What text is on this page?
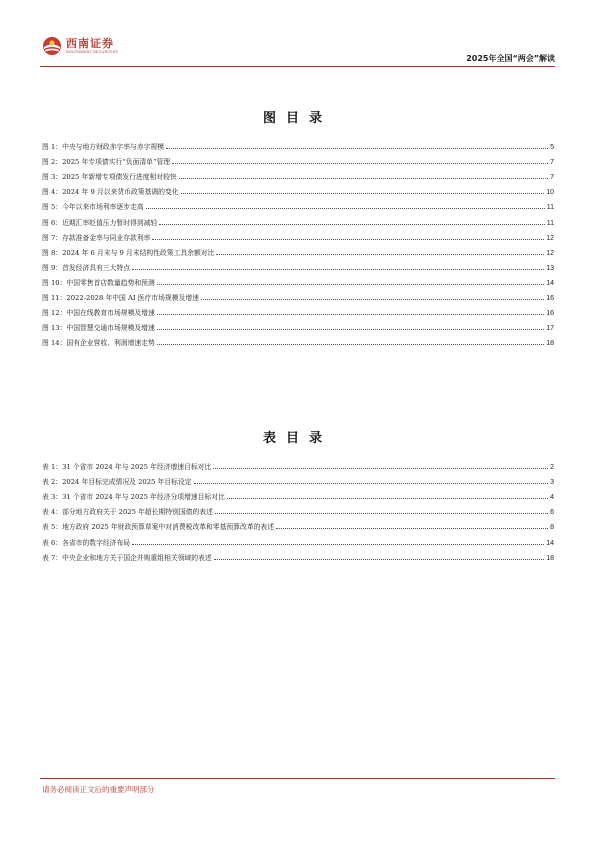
西南证券
SOUTHWEST SECURITIES
2025年全国“两会”解读
图目录
图 1：中央与地方财政赤字率与赤字规模	5
图 2：2025 年专项债实行“负面清单”管理	7
图 3：2025 年新增专项债发行进度相对较快	7
图 4：2024 年 9 月以来货币政策基调的变化	10
图 5：今年以来市场利率逐步走高	11
图 6：近期汇率贬值压力暂时得到减轻	11
图 7：存款准备金率与同业存款利率	12
图 8：2024 年 6 月末与 9 月末结构性政策工具余额对比	12
图 9：首发经济具有三大特点	13
图 10：中国零售首店数量趋势和预测	14
图 11：2022-2028 年中国 AI 医疗市场规模及增速	16
图 12：中国在线教育市场规模及增速	16
图 13：中国智慧交通市场规模及增速	17
图 14：国有企业营收、利润增速走势	18
表目录
表 1：31 个省市 2024 年与 2025 年经济增速目标对比	2
表 2：2024 年目标完成情况及 2025 年目标设定	3
表 3：31 个省市 2024 年与 2025 年经济分项增速目标对比	4
表 4：部分地方政府关于 2025 年超长期特别国债的表述	6
表 5：地方政府 2025 年财政预算草案中对消费税改革和零基预算改革的表述	8
表 6：各省市的数字经济布局	14
表 7：中央企业和地方关于国企并购重组相关领域的表述	18
请务必阅读正文后的重要声明部分
